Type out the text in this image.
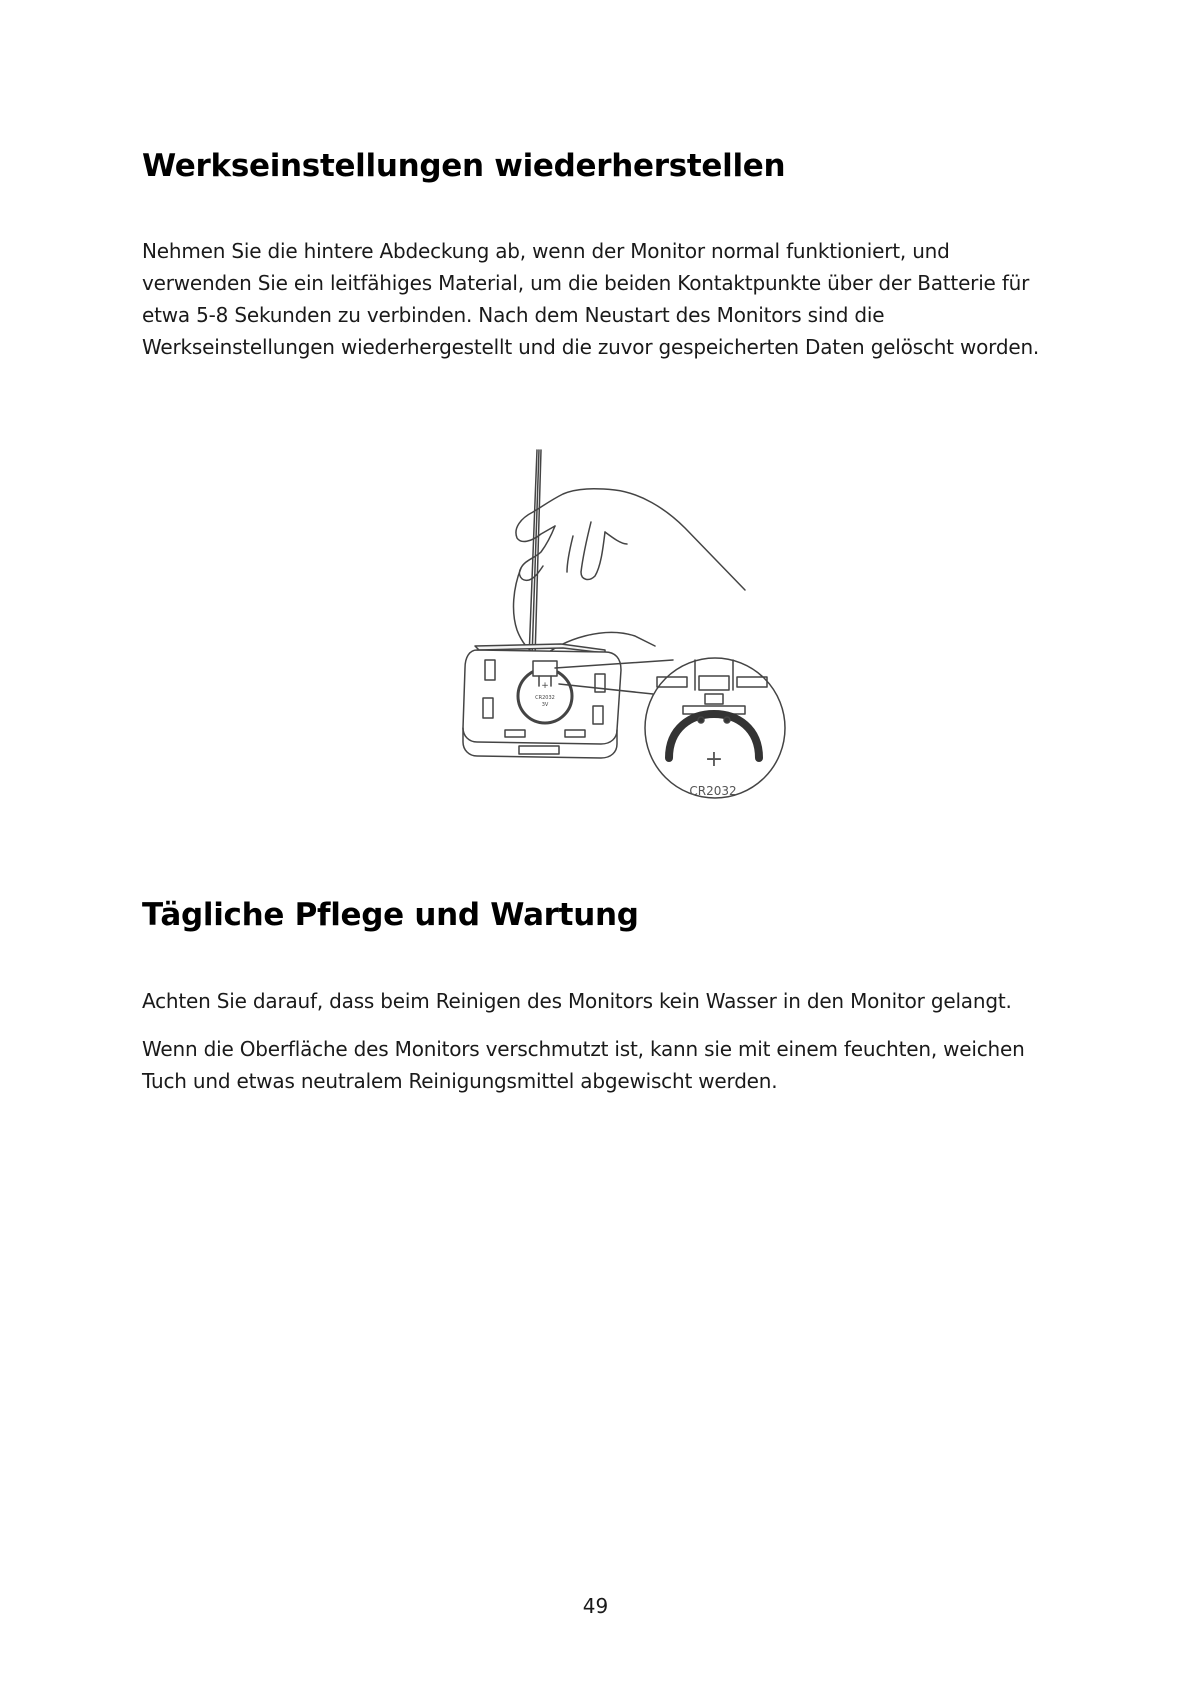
Werkseinstellungen wiederherstellen

Nehmen Sie die hintere Abdeckung ab, wenn der Monitor normal funktioniert, und
verwenden Sie ein leitfähiges Material, um die beiden Kontaktpunkte über der Batterie für
etwa 5-8 Sekunden zu verbinden. Nach dem Neustart des Monitors sind die
Werkseinstellungen wiederhergestellt und die zuvor gespeicherten Daten gelöscht worden.

+
CR2032
+
CR2032
3V
Tägliche Pflege und Wartung

Achten Sie darauf, dass beim Reinigen des Monitors kein Wasser in den Monitor gelangt.

Wenn die Oberfläche des Monitors verschmutzt ist, kann sie mit einem feuchten, weichen
Tuch und etwas neutralem Reinigungsmittel abgewischt werden.

49
